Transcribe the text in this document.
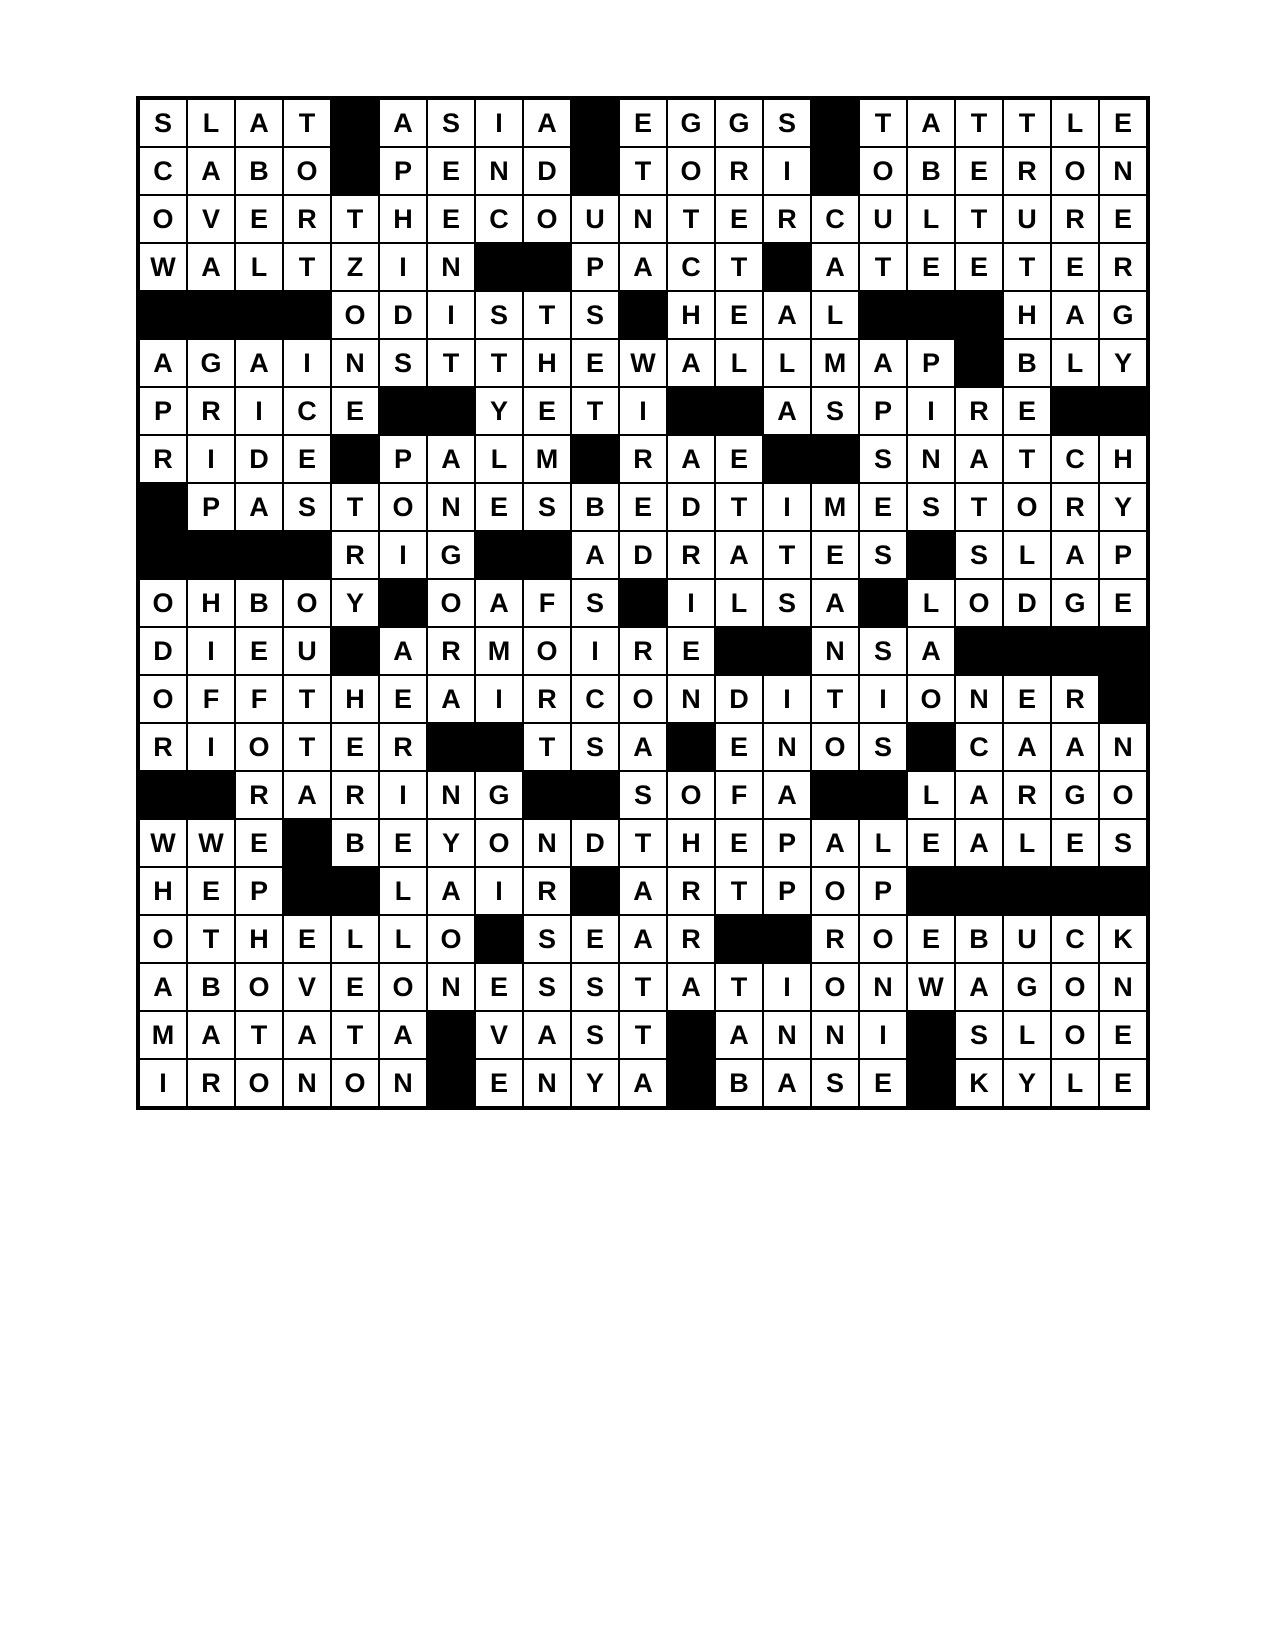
S	L	A	T		A	S	I	A		E	G	G	S		T	A	T	T	L	E
C	A	B	O		P	E	N	D		T	O	R	I		O	B	E	R	O	N
O	V	E	R	T	H	E	C	O	U	N	T	E	R	C	U	L	T	U	R	E
W	A	L	T	Z	I	N			P	A	C	T		A	T	E	E	T	E	R
				O	D	I	S	T	S		H	E	A	L				H	A	G
A	G	A	I	N	S	T	T	H	E	W	A	L	L	M	A	P		B	L	Y
P	R	I	C	E			Y	E	T	I			A	S	P	I	R	E		
R	I	D	E		P	A	L	M		R	A	E			S	N	A	T	C	H
	P	A	S	T	O	N	E	S	B	E	D	T	I	M	E	S	T	O	R	Y
				R	I	G			A	D	R	A	T	E	S		S	L	A	P
O	H	B	O	Y		O	A	F	S		I	L	S	A		L	O	D	G	E
D	I	E	U		A	R	M	O	I	R	E			N	S	A				
O	F	F	T	H	E	A	I	R	C	O	N	D	I	T	I	O	N	E	R	
R	I	O	T	E	R			T	S	A		E	N	O	S		C	A	A	N
		R	A	R	I	N	G			S	O	F	A			L	A	R	G	O
W	W	E		B	E	Y	O	N	D	T	H	E	P	A	L	E	A	L	E	S
H	E	P			L	A	I	R		A	R	T	P	O	P					
O	T	H	E	L	L	O		S	E	A	R			R	O	E	B	U	C	K
A	B	O	V	E	O	N	E	S	S	T	A	T	I	O	N	W	A	G	O	N
M	A	T	A	T	A		V	A	S	T		A	N	N	I		S	L	O	E
I	R	O	N	O	N		E	N	Y	A		B	A	S	E		K	Y	L	E
